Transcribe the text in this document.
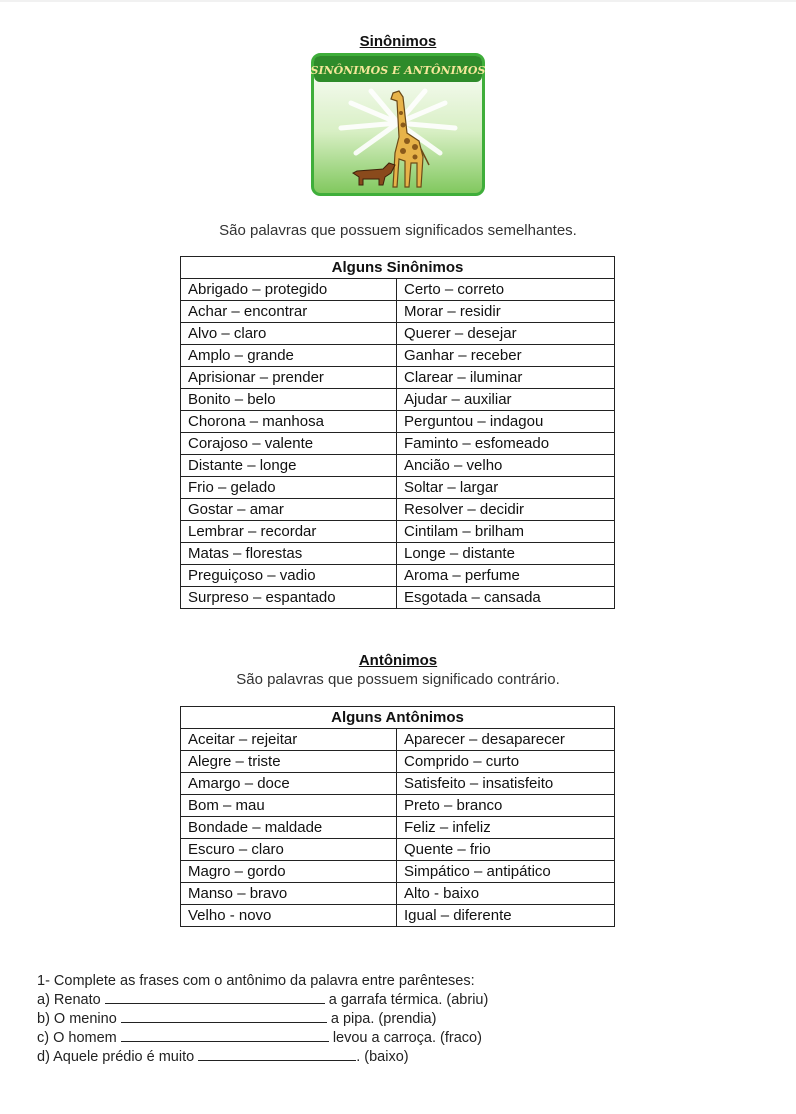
Sinônimos
SINÔNIMOS E ANTÔNIMOS
São palavras que possuem significados semelhantes.
Alguns Sinônimos	
Abrigado – protegido	Certo – correto
Achar – encontrar	Morar – residir
Alvo – claro	Querer – desejar
Amplo – grande	Ganhar – receber
Aprisionar – prender	Clarear – iluminar
Bonito – belo	Ajudar – auxiliar
Chorona – manhosa	Perguntou – indagou
Corajoso – valente	Faminto – esfomeado
Distante – longe	Ancião – velho
Frio – gelado	Soltar – largar
Gostar – amar	Resolver – decidir
Lembrar – recordar	Cintilam – brilham
Matas – florestas	Longe – distante
Preguiçoso – vadio	Aroma – perfume
Surpreso – espantado	Esgotada – cansada
Antônimos
São palavras que possuem significado contrário.
Alguns Antônimos	
Aceitar – rejeitar	Aparecer – desaparecer
Alegre – triste	Comprido – curto
Amargo – doce	Satisfeito – insatisfeito
Bom – mau	Preto – branco
Bondade – maldade	Feliz – infeliz
Escuro – claro	Quente – frio
Magro – gordo	Simpático – antipático
Manso – bravo	Alto - baixo
Velho - novo	Igual – diferente
1- Complete as frases com o antônimo da palavra entre parênteses:
a) Renato	a garrafa térmica. (abriu)
b) O menino	a pipa. (prendia)
c) O homem	levou a carroça. (fraco)
d) Aquele prédio é muito	. (baixo)
